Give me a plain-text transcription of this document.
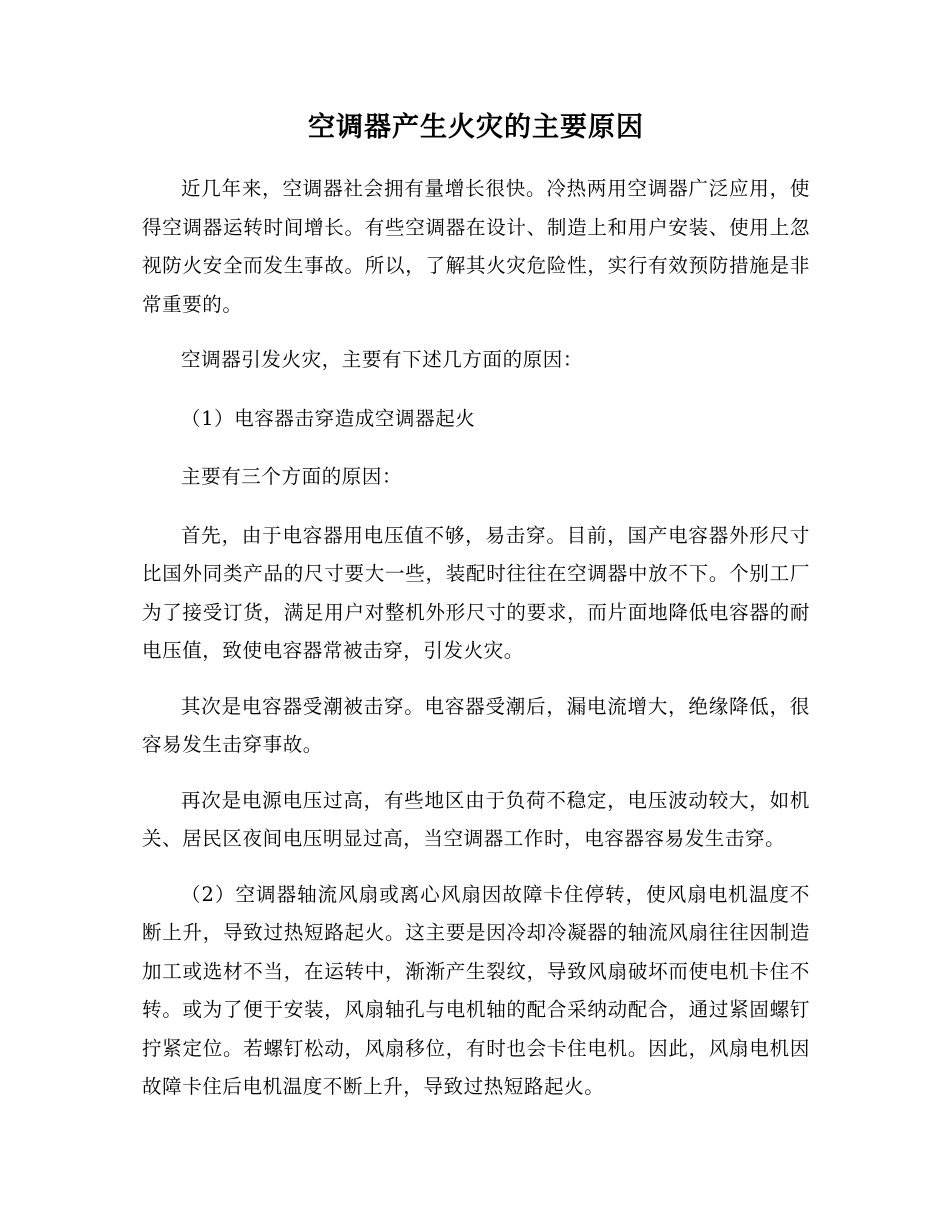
空调器产生火灾的主要原因

近几年来，空调器社会拥有量增长很快。冷热两用空调器广泛应用，使得空调器运转时间增长。有些空调器在设计、制造上和用户安装、使用上忽视防火安全而发生事故。所以，了解其火灾危险性，实行有效预防措施是非常重要的。

空调器引发火灾，主要有下述几方面的原因：

（1）电容器击穿造成空调器起火

主要有三个方面的原因：

首先，由于电容器用电压值不够，易击穿。目前，国产电容器外形尺寸比国外同类产品的尺寸要大一些，装配时往往在空调器中放不下。个别工厂为了接受订货，满足用户对整机外形尺寸的要求，而片面地降低电容器的耐电压值，致使电容器常被击穿，引发火灾。

其次是电容器受潮被击穿。电容器受潮后，漏电流增大，绝缘降低，很容易发生击穿事故。

再次是电源电压过高，有些地区由于负荷不稳定，电压波动较大，如机关、居民区夜间电压明显过高，当空调器工作时，电容器容易发生击穿。

（2）空调器轴流风扇或离心风扇因故障卡住停转，使风扇电机温度不断上升，导致过热短路起火。这主要是因冷却冷凝器的轴流风扇往往因制造加工或选材不当，在运转中，渐渐产生裂纹，导致风扇破坏而使电机卡住不转。或为了便于安装，风扇轴孔与电机轴的配合采纳动配合，通过紧固螺钉拧紧定位。若螺钉松动，风扇移位，有时也会卡住电机。因此，风扇电机因故障卡住后电机温度不断上升，导致过热短路起火。
